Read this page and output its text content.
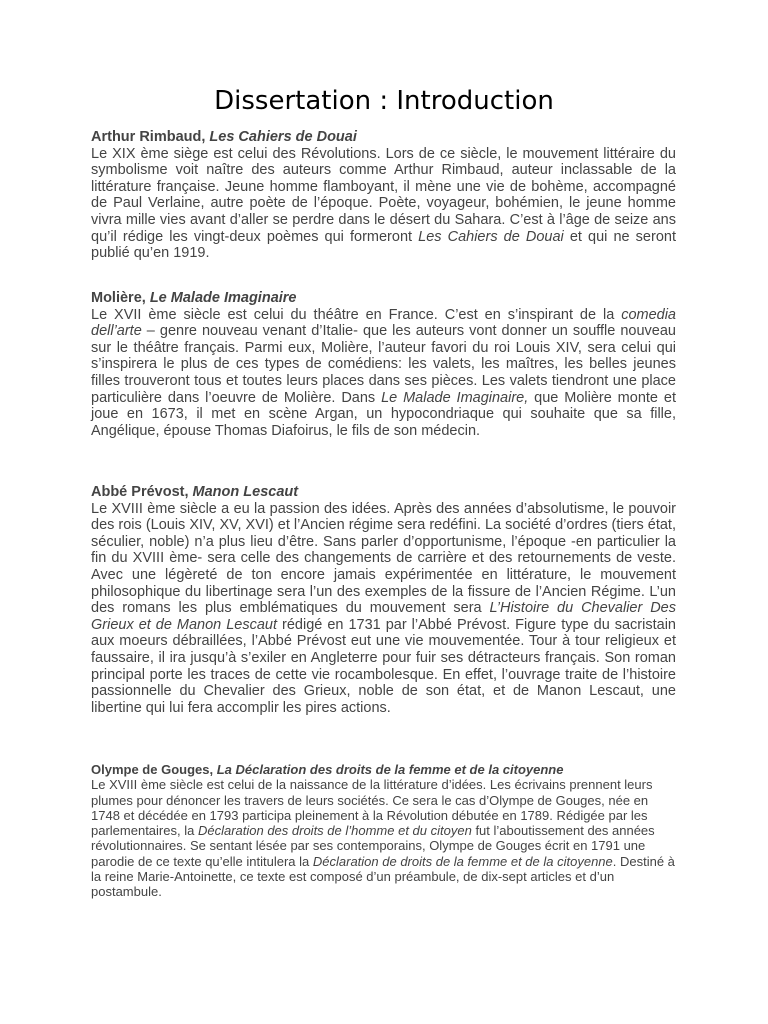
Dissertation : Introduction

Arthur Rimbaud, Les Cahiers de Douai

Le XIX ème siège est celui des Révolutions. Lors de ce siècle, le mouvement littéraire du symbolisme voit naître des auteurs comme Arthur Rimbaud, auteur inclassable de la littérature française. Jeune homme flamboyant, il mène une vie de bohème, accompagné de Paul Verlaine, autre poète de l’époque. Poète, voyageur, bohémien, le jeune homme vivra mille vies avant d’aller se perdre dans le désert du Sahara. C’est à l’âge de seize ans qu’il rédige les vingt-deux poèmes qui formeront Les Cahiers de Douai et qui ne seront publié qu’en 1919.

Molière, Le Malade Imaginaire

Le XVII ème siècle est celui du théâtre en France. C’est en s’inspirant de la comedia dell’arte – genre nouveau venant d’Italie- que les auteurs vont donner un souffle nouveau sur le théâtre français. Parmi eux, Molière, l’auteur favori du roi Louis XIV, sera celui qui s’inspirera le plus de ces types de comédiens: les valets, les maîtres, les belles jeunes filles trouveront tous et toutes leurs places dans ses pièces. Les valets tiendront une place particulière dans l’oeuvre de Molière. Dans Le Malade Imaginaire, que Molière monte et joue en 1673, il met en scène Argan, un hypocondriaque qui souhaite que sa fille, Angélique, épouse Thomas Diafoirus, le fils de son médecin.

Abbé Prévost, Manon Lescaut

Le XVIII ème siècle a eu la passion des idées. Après des années d’absolutisme, le pouvoir des rois (Louis XIV, XV, XVI) et l’Ancien régime sera redéfini. La société d’ordres (tiers état, séculier, noble) n’a plus lieu d’être. Sans parler d’opportunisme, l’époque -en particulier la fin du XVIII ème- sera celle des changements de carrière et des retournements de veste. Avec une légèreté de ton encore jamais expérimentée en littérature, le mouvement philosophique du libertinage sera l’un des exemples de la fissure de l’Ancien Régime. L’un des romans les plus emblématiques du mouvement sera L’Histoire du Chevalier Des Grieux et de Manon Lescaut rédigé en 1731 par l’Abbé Prévost. Figure type du sacristain aux moeurs débraillées, l’Abbé Prévost eut une vie mouvementée. Tour à tour religieux et faussaire, il ira jusqu’à s’exiler en Angleterre pour fuir ses détracteurs français. Son roman principal porte les traces de cette vie rocambolesque. En effet, l’ouvrage traite de l’histoire passionnelle du Chevalier des Grieux, noble de son état, et de Manon Lescaut, une libertine qui lui fera accomplir les pires actions.

Olympe de Gouges, La Déclaration des droits de la femme et de la citoyenne

Le XVIII ème siècle est celui de la naissance de la littérature d’idées. Les écrivains prennent leurs plumes pour dénoncer les travers de leurs sociétés. Ce sera le cas d’Olympe de Gouges, née en 1748 et décédée en 1793 participa pleinement à la Révolution débutée en 1789. Rédigée par les parlementaires, la Déclaration des droits de l’homme et du citoyen fut l’aboutissement des années révolutionnaires. Se sentant lésée par ses contemporains, Olympe de Gouges écrit en 1791 une parodie de ce texte qu’elle intitulera la Déclaration de droits de la femme et de la citoyenne. Destiné à la reine Marie-Antoinette, ce texte est composé d’un préambule, de dix-sept articles et d’un postambule.
